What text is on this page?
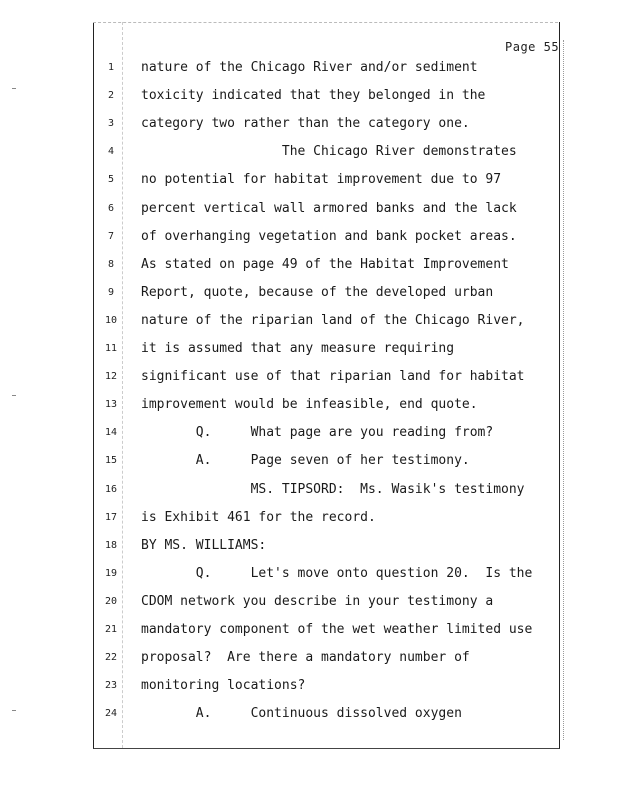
Page 55
1	nature of the Chicago River and/or sediment
2	toxicity indicated that they belonged in the
3	category two rather than the category one.
4	The Chicago River demonstrates
5	no potential for habitat improvement due to 97
6	percent vertical wall armored banks and the lack
7	of overhanging vegetation and bank pocket areas.
8	As stated on page 49 of the Habitat Improvement
9	Report, quote, because of the developed urban
10	nature of the riparian land of the Chicago River,
11	it is assumed that any measure requiring
12	significant use of that riparian land for habitat
13	improvement would be infeasible, end quote.
14	Q.     What page are you reading from?
15	A.     Page seven of her testimony.
16	MS. TIPSORD:  Ms. Wasik's testimony
17	is Exhibit 461 for the record.
18	BY MS. WILLIAMS:
19	Q.     Let's move onto question 20.  Is the
20	CDOM network you describe in your testimony a
21	mandatory component of the wet weather limited use
22	proposal?  Are there a mandatory number of
23	monitoring locations?
24	A.     Continuous dissolved oxygen
